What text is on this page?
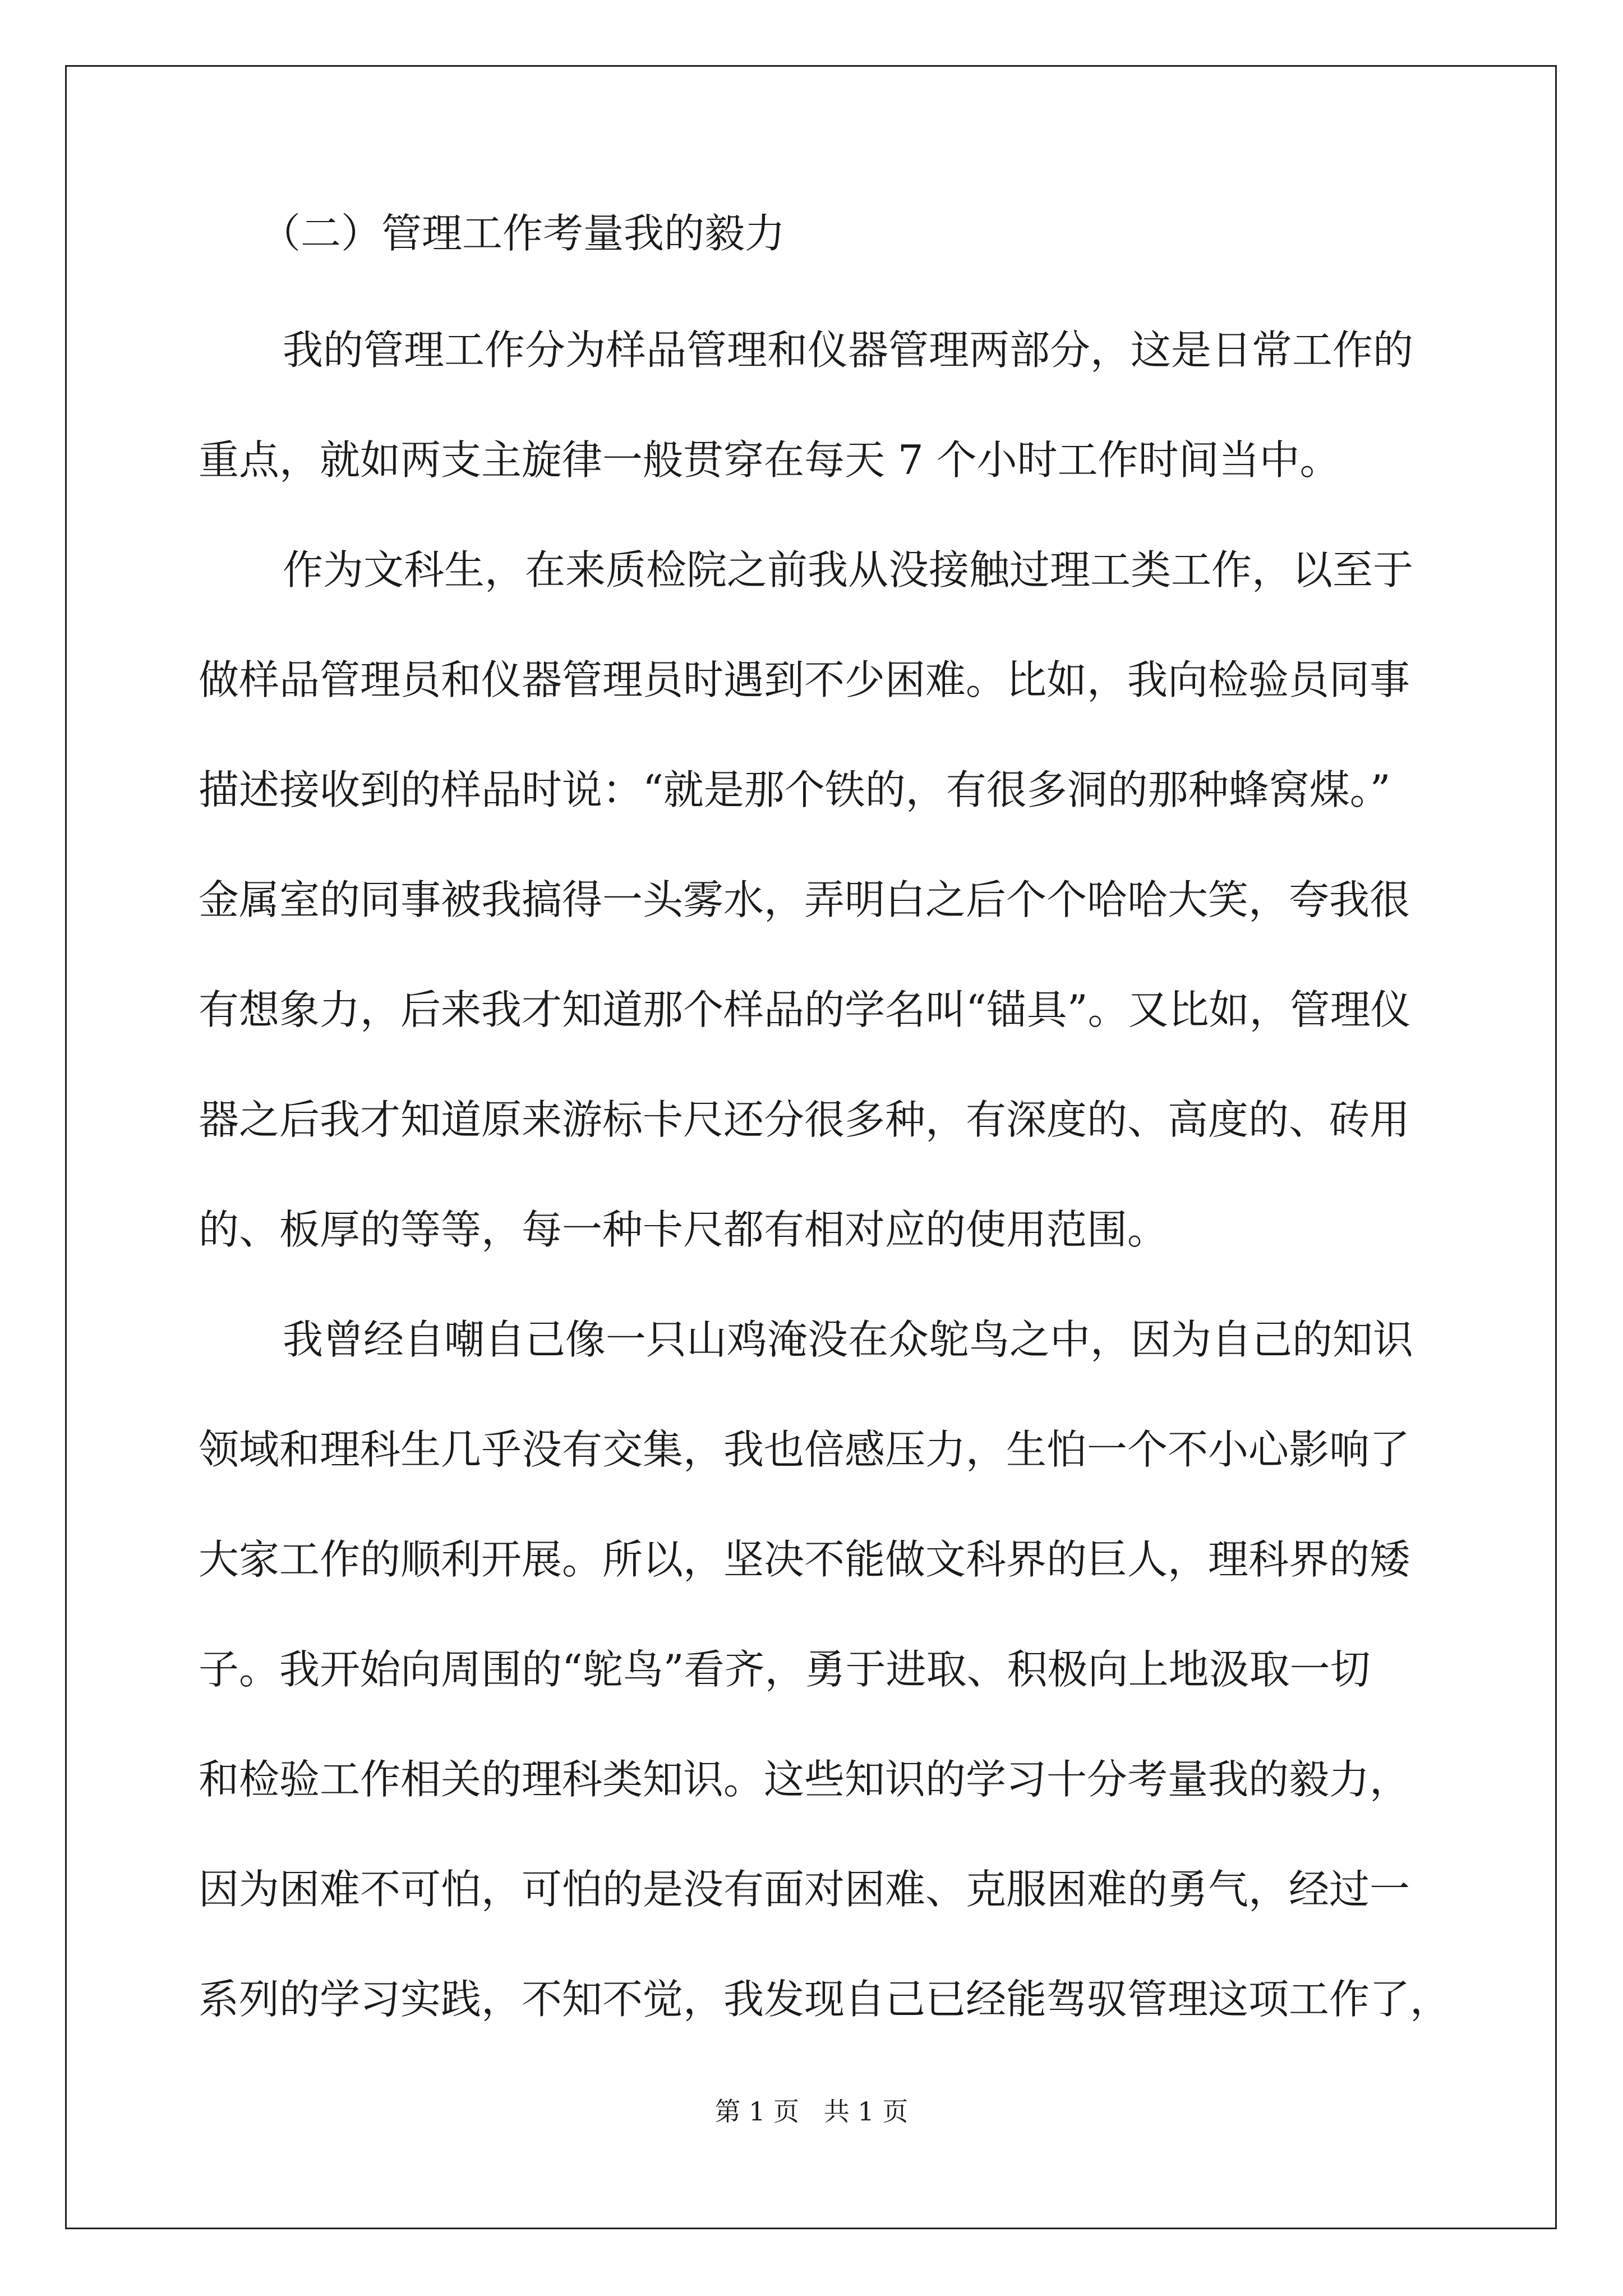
（二）管理工作考量我的毅力
我的管理工作分为样品管理和仪器管理两部分，这是日常工作的
重点，就如两支主旋律一般贯穿在每天 7 个小时工作时间当中。
作为文科生，在来质检院之前我从没接触过理工类工作，以至于
做样品管理员和仪器管理员时遇到不少困难。比如，我向检验员同事
描述接收到的样品时说：“就是那个铁的，有很多洞的那种蜂窝煤。”
金属室的同事被我搞得一头雾水，弄明白之后个个哈哈大笑，夸我很
有想象力，后来我才知道那个样品的学名叫“锚具”。又比如，管理仪
器之后我才知道原来游标卡尺还分很多种，有深度的、高度的、砖用
的、板厚的等等，每一种卡尺都有相对应的使用范围。
我曾经自嘲自己像一只山鸡淹没在众鸵鸟之中，因为自己的知识
领域和理科生几乎没有交集，我也倍感压力，生怕一个不小心影响了
大家工作的顺利开展。所以，坚决不能做文科界的巨人，理科界的矮
子。我开始向周围的“鸵鸟”看齐，勇于进取、积极向上地汲取一切
和检验工作相关的理科类知识。这些知识的学习十分考量我的毅力，
因为困难不可怕，可怕的是没有面对困难、克服困难的勇气，经过一
系列的学习实践，不知不觉，我发现自己已经能驾驭管理这项工作了，
第 1 页   共 1 页
